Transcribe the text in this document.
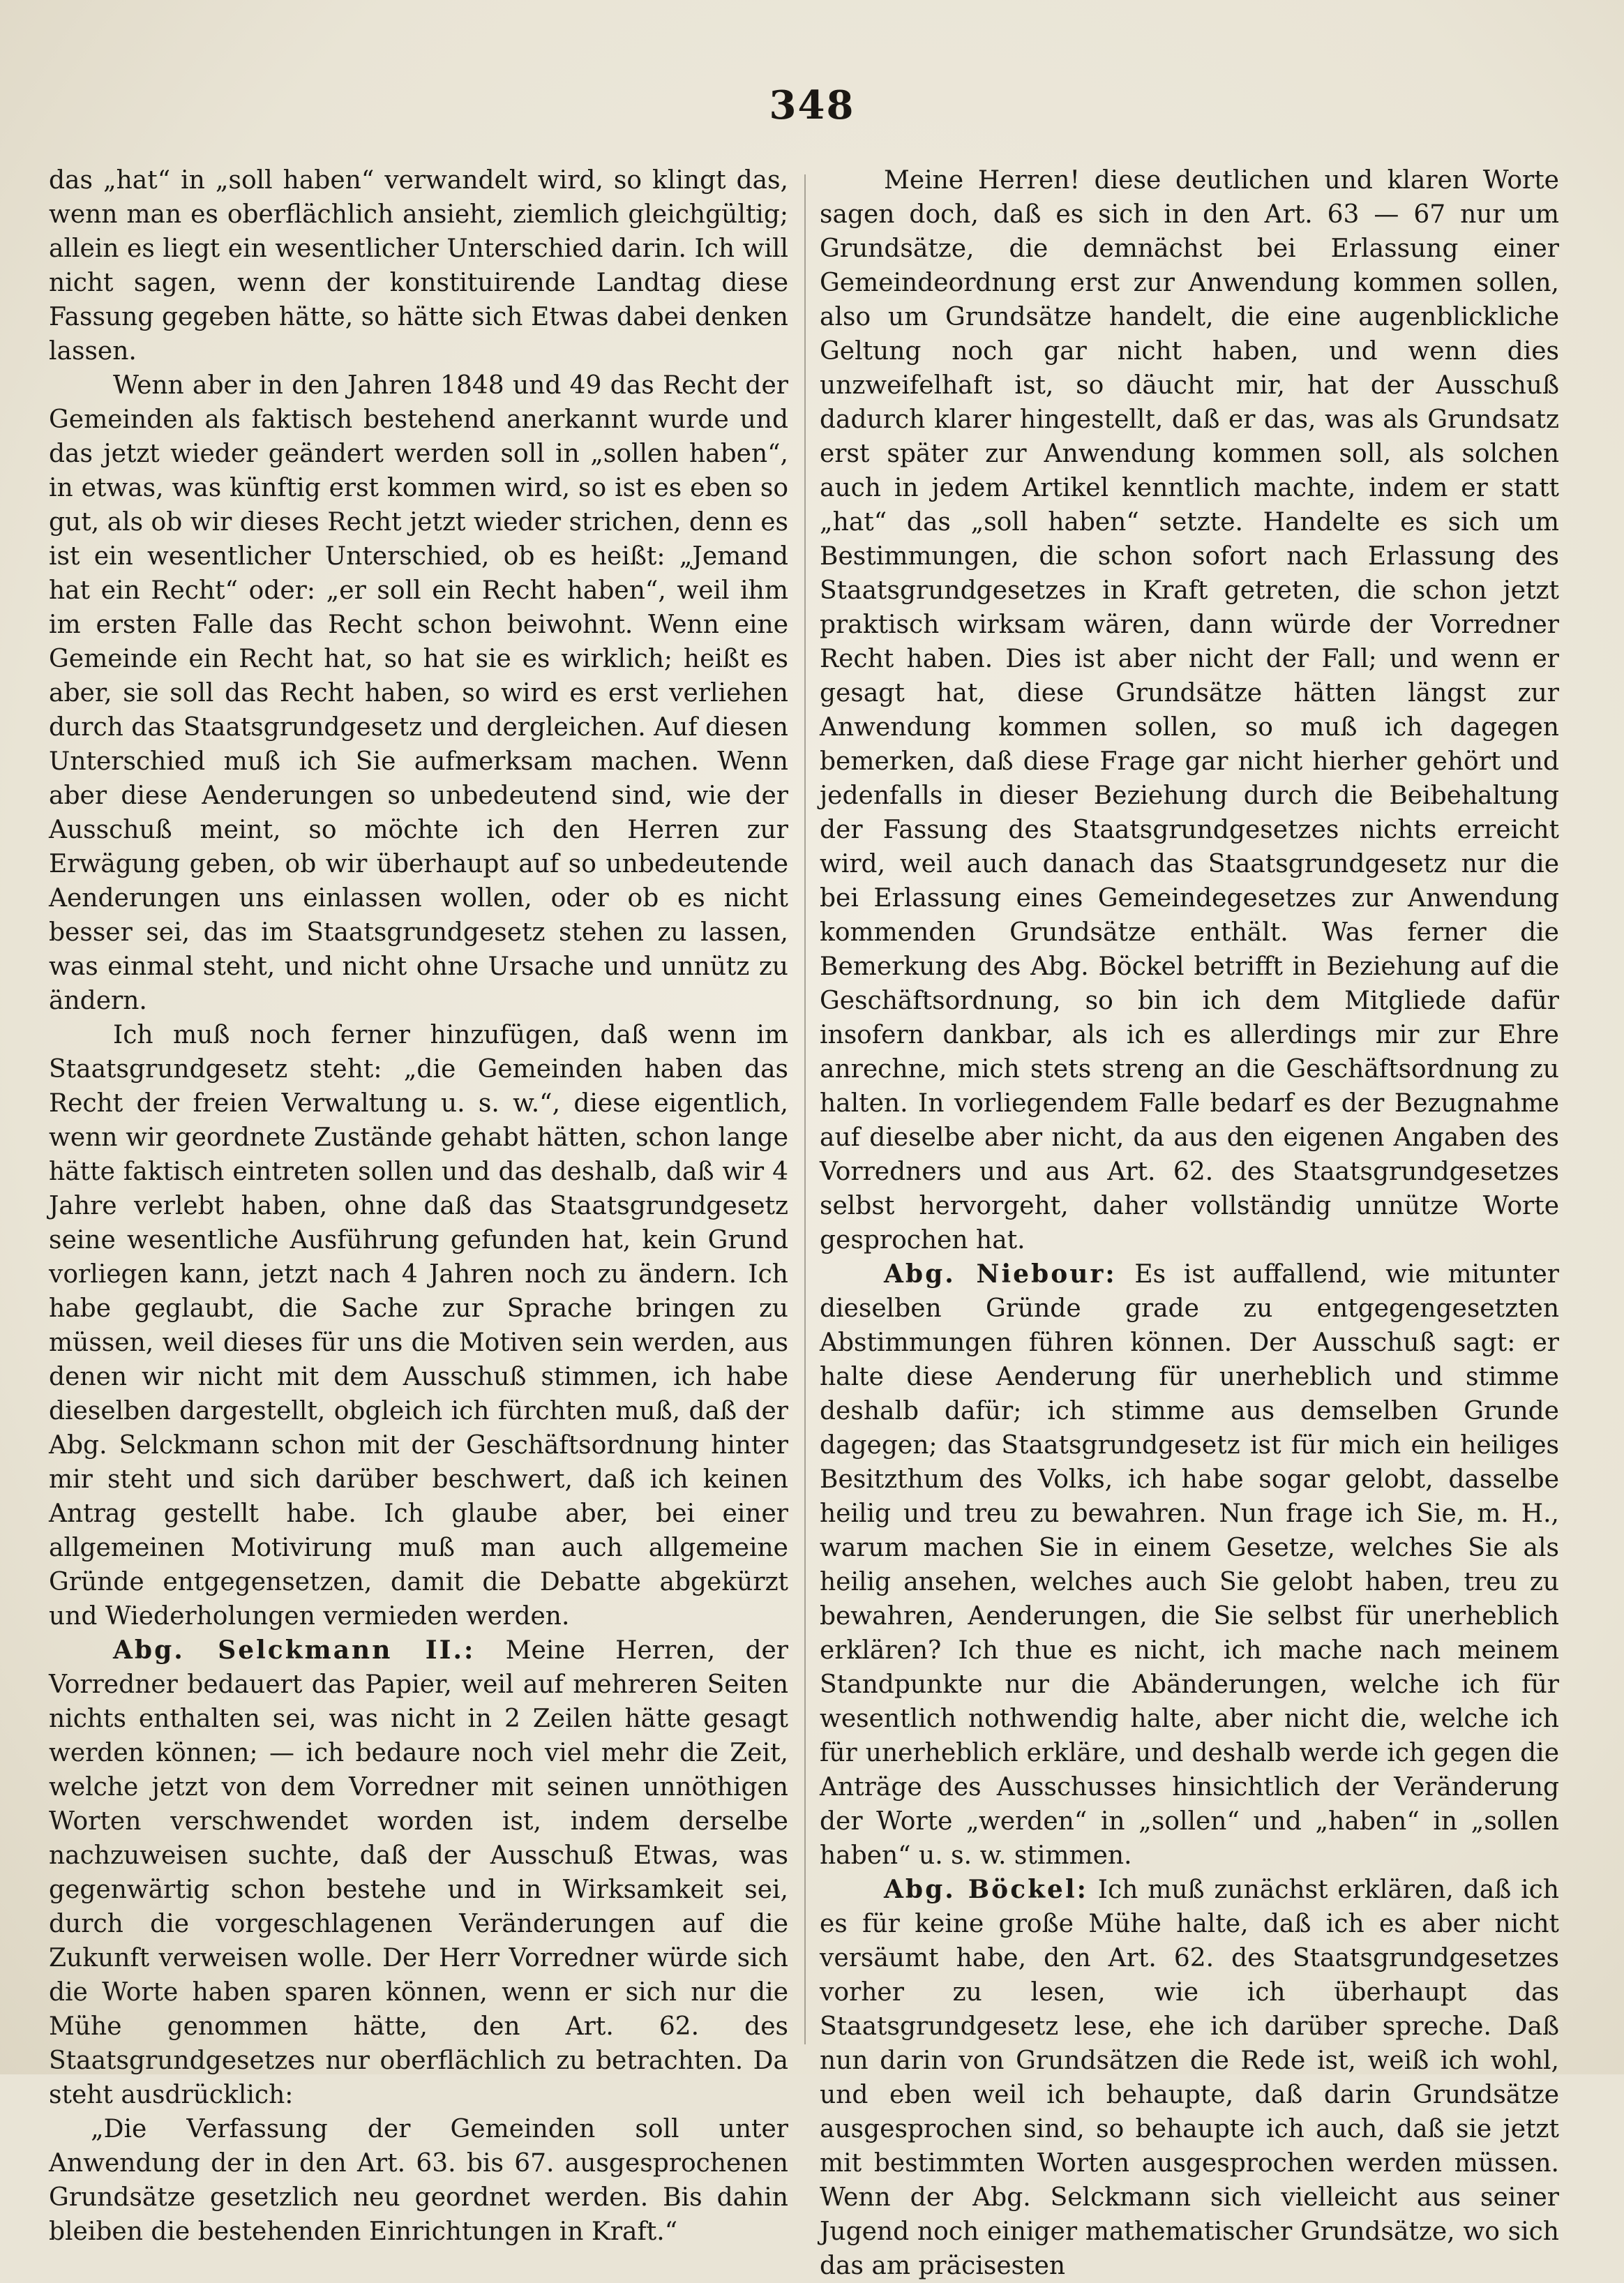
348

das „hat“ in „soll haben“ verwandelt wird, so klingt das, wenn man es oberflächlich ansieht, ziemlich gleichgültig; allein es liegt ein wesentlicher Unterschied darin. Ich will nicht sagen, wenn der konstituirende Landtag diese Fassung gegeben hätte, so hätte sich Etwas dabei denken lassen.

Wenn aber in den Jahren 1848 und 49 das Recht der Gemeinden als faktisch bestehend anerkannt wurde und das jetzt wieder geändert werden soll in „sollen haben“, in etwas, was künftig erst kommen wird, so ist es eben so gut, als ob wir dieses Recht jetzt wieder strichen, denn es ist ein wesentlicher Unterschied, ob es heißt: „Jemand hat ein Recht“ oder: „er soll ein Recht haben“, weil ihm im ersten Falle das Recht schon beiwohnt. Wenn eine Gemeinde ein Recht hat, so hat sie es wirklich; heißt es aber, sie soll das Recht haben, so wird es erst verliehen durch das Staatsgrundgesetz und dergleichen. Auf diesen Unterschied muß ich Sie aufmerksam machen. Wenn aber diese Aenderungen so unbedeutend sind, wie der Ausschuß meint, so möchte ich den Herren zur Erwägung geben, ob wir überhaupt auf so unbedeutende Aenderungen uns einlassen wollen, oder ob es nicht besser sei, das im Staatsgrundgesetz stehen zu lassen, was einmal steht, und nicht ohne Ursache und unnütz zu ändern.

Ich muß noch ferner hinzufügen, daß wenn im Staatsgrundgesetz steht: „die Gemeinden haben das Recht der freien Verwaltung u. s. w.“, diese eigentlich, wenn wir geordnete Zustände gehabt hätten, schon lange hätte faktisch eintreten sollen und das deshalb, daß wir 4 Jahre verlebt haben, ohne daß das Staatsgrundgesetz seine wesentliche Ausführung gefunden hat, kein Grund vorliegen kann, jetzt nach 4 Jahren noch zu ändern. Ich habe geglaubt, die Sache zur Sprache bringen zu müssen, weil dieses für uns die Motiven sein werden, aus denen wir nicht mit dem Ausschuß stimmen, ich habe dieselben dargestellt, obgleich ich fürchten muß, daß der Abg. Selckmann schon mit der Geschäftsordnung hinter mir steht und sich darüber beschwert, daß ich keinen Antrag gestellt habe. Ich glaube aber, bei einer allgemeinen Motivirung muß man auch allgemeine Gründe entgegensetzen, damit die Debatte abgekürzt und Wiederholungen vermieden werden.

Abg. Selckmann II.: Meine Herren, der Vorredner bedauert das Papier, weil auf mehreren Seiten nichts enthalten sei, was nicht in 2 Zeilen hätte gesagt werden können; — ich bedaure noch viel mehr die Zeit, welche jetzt von dem Vorredner mit seinen unnöthigen Worten verschwendet worden ist, indem derselbe nachzuweisen suchte, daß der Ausschuß Etwas, was gegenwärtig schon bestehe und in Wirksamkeit sei, durch die vorgeschlagenen Veränderungen auf die Zukunft verweisen wolle. Der Herr Vorredner würde sich die Worte haben sparen können, wenn er sich nur die Mühe genommen hätte, den Art. 62. des Staatsgrundgesetzes nur oberflächlich zu betrachten. Da steht ausdrücklich:

„Die Verfassung der Gemeinden soll unter Anwendung der in den Art. 63. bis 67. ausgesprochenen Grundsätze gesetzlich neu geordnet werden. Bis dahin bleiben die bestehenden Einrichtungen in Kraft.“

Meine Herren! diese deutlichen und klaren Worte sagen doch, daß es sich in den Art. 63 — 67 nur um Grundsätze, die demnächst bei Erlassung einer Gemeindeordnung erst zur Anwendung kommen sollen, also um Grundsätze handelt, die eine augenblickliche Geltung noch gar nicht haben, und wenn dies unzweifelhaft ist, so däucht mir, hat der Ausschuß dadurch klarer hingestellt, daß er das, was als Grundsatz erst später zur Anwendung kommen soll, als solchen auch in jedem Artikel kenntlich machte, indem er statt „hat“ das „soll haben“ setzte. Handelte es sich um Bestimmungen, die schon sofort nach Erlassung des Staatsgrundgesetzes in Kraft getreten, die schon jetzt praktisch wirksam wären, dann würde der Vorredner Recht haben. Dies ist aber nicht der Fall; und wenn er gesagt hat, diese Grundsätze hätten längst zur Anwendung kommen sollen, so muß ich dagegen bemerken, daß diese Frage gar nicht hierher gehört und jedenfalls in dieser Beziehung durch die Beibehaltung der Fassung des Staatsgrundgesetzes nichts erreicht wird, weil auch danach das Staatsgrundgesetz nur die bei Erlassung eines Gemeindegesetzes zur Anwendung kommenden Grundsätze enthält. Was ferner die Bemerkung des Abg. Böckel betrifft in Beziehung auf die Geschäftsordnung, so bin ich dem Mitgliede dafür insofern dankbar, als ich es allerdings mir zur Ehre anrechne, mich stets streng an die Geschäftsordnung zu halten. In vorliegendem Falle bedarf es der Bezugnahme auf dieselbe aber nicht, da aus den eigenen Angaben des Vorredners und aus Art. 62. des Staatsgrundgesetzes selbst hervorgeht, daher vollständig unnütze Worte gesprochen hat.

Abg. Niebour: Es ist auffallend, wie mitunter dieselben Gründe grade zu entgegengesetzten Abstimmungen führen können. Der Ausschuß sagt: er halte diese Aenderung für unerheblich und stimme deshalb dafür; ich stimme aus demselben Grunde dagegen; das Staatsgrundgesetz ist für mich ein heiliges Besitzthum des Volks, ich habe sogar gelobt, dasselbe heilig und treu zu bewahren. Nun frage ich Sie, m. H., warum machen Sie in einem Gesetze, welches Sie als heilig ansehen, welches auch Sie gelobt haben, treu zu bewahren, Aenderungen, die Sie selbst für unerheblich erklären? Ich thue es nicht, ich mache nach meinem Standpunkte nur die Abänderungen, welche ich für wesentlich nothwendig halte, aber nicht die, welche ich für unerheblich erkläre, und deshalb werde ich gegen die Anträge des Ausschusses hinsichtlich der Veränderung der Worte „werden“ in „sollen“ und „haben“ in „sollen haben“ u. s. w. stimmen.

Abg. Böckel: Ich muß zunächst erklären, daß ich es für keine große Mühe halte, daß ich es aber nicht versäumt habe, den Art. 62. des Staatsgrundgesetzes vorher zu lesen, wie ich überhaupt das Staatsgrundgesetz lese, ehe ich darüber spreche. Daß nun darin von Grundsätzen die Rede ist, weiß ich wohl, und eben weil ich behaupte, daß darin Grundsätze ausgesprochen sind, so behaupte ich auch, daß sie jetzt mit bestimmten Worten ausgesprochen werden müssen. Wenn der Abg. Selckmann sich vielleicht aus seiner Jugend noch einiger mathematischer Grundsätze, wo sich das am präcisesten
